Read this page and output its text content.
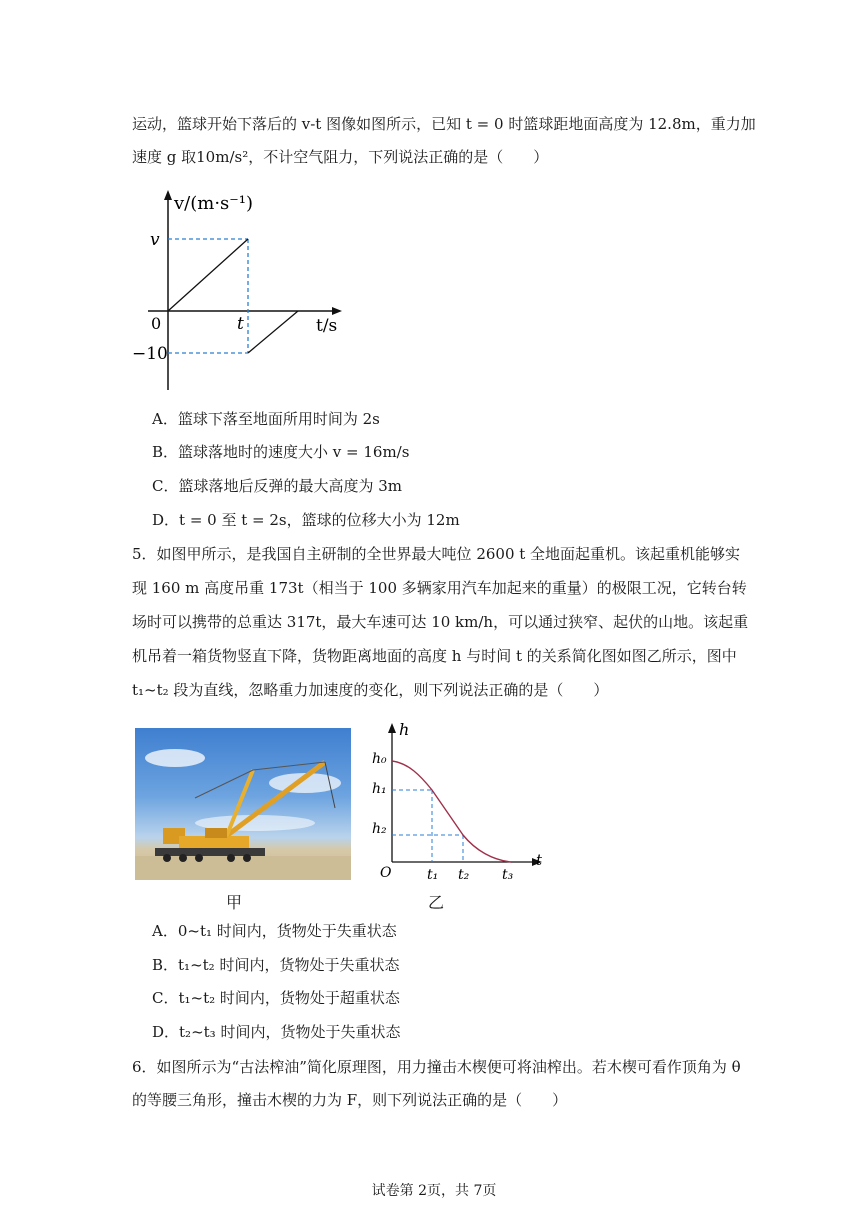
运动，篮球开始下落后的 v-t 图像如图所示，已知 t = 0 时篮球距地面高度为 12.8m，重力加
速度 g 取10m/s²，不计空气阻力，下列说法正确的是（　　）
v/(m·s⁻¹)
v
0	t	t/s
−10
A．篮球下落至地面所用时间为 2s
B．篮球落地时的速度大小 v = 16m/s
C．篮球落地后反弹的最大高度为 3m
D．t = 0 至 t = 2s，篮球的位移大小为 12m
5．如图甲所示，是我国自主研制的全世界最大吨位 2600 t 全地面起重机。该起重机能够实
现 160 m 高度吊重 173t（相当于 100 多辆家用汽车加起来的重量）的极限工况，它转台转
场时可以携带的总重达 317t，最大车速可达 10 km/h，可以通过狭窄、起伏的山地。该起重
机吊着一箱货物竖直下降，货物距离地面的高度 h 与时间 t 的关系简化图如图乙所示，图中
t₁~t₂ 段为直线，忽略重力加速度的变化，则下列说法正确的是（　　）
甲
h
h₀
h₁
h₂
O	t₁ t₂ t₃
t
乙
A．0~t₁ 时间内，货物处于失重状态
B．t₁~t₂ 时间内，货物处于失重状态
C．t₁~t₂ 时间内，货物处于超重状态
D．t₂~t₃ 时间内，货物处于失重状态
6．如图所示为“古法榨油”简化原理图，用力撞击木楔便可将油榨出。若木楔可看作顶角为 θ
的等腰三角形，撞击木楔的力为 F，则下列说法正确的是（　　）
试卷第 2页，共 7页
